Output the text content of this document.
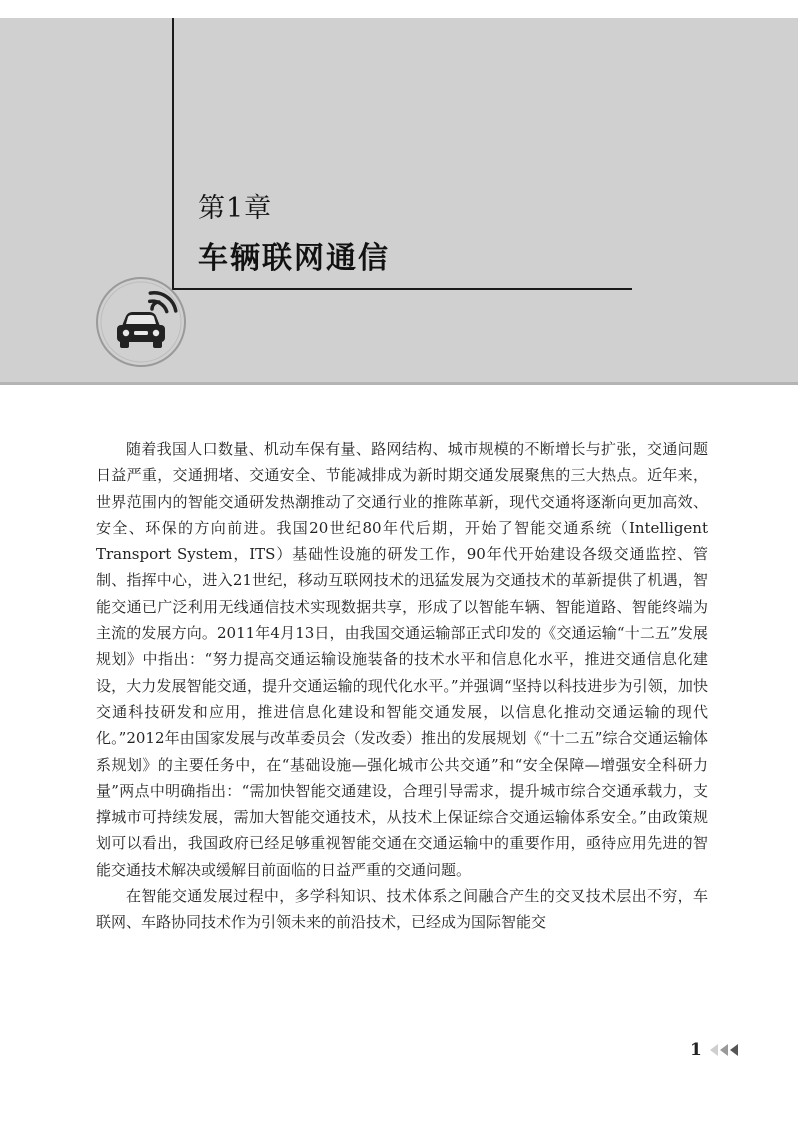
第1章
车辆联网通信

随着我国人口数量、机动车保有量、路网结构、城市规模的不断增长与扩张，交通问题日益严重，交通拥堵、交通安全、节能减排成为新时期交通发展聚焦的三大热点。近年来，世界范围内的智能交通研发热潮推动了交通行业的推陈革新，现代交通将逐渐向更加高效、安全、环保的方向前进。我国20世纪80年代后期，开始了智能交通系统（Intelligent Transport System，ITS）基础性设施的研发工作，90年代开始建设各级交通监控、管制、指挥中心，进入21世纪，移动互联网技术的迅猛发展为交通技术的革新提供了机遇，智能交通已广泛利用无线通信技术实现数据共享，形成了以智能车辆、智能道路、智能终端为主流的发展方向。2011年4月13日，由我国交通运输部正式印发的《交通运输“十二五”发展规划》中指出：“努力提高交通运输设施装备的技术水平和信息化水平，推进交通信息化建设，大力发展智能交通，提升交通运输的现代化水平。”并强调“坚持以科技进步为引领，加快交通科技研发和应用，推进信息化建设和智能交通发展，以信息化推动交通运输的现代化。”2012年由国家发展与改革委员会（发改委）推出的发展规划《“十二五”综合交通运输体系规划》的主要任务中，在“基础设施—强化城市公共交通”和“安全保障—增强安全科研力量”两点中明确指出：“需加快智能交通建设，合理引导需求，提升城市综合交通承载力，支撑城市可持续发展，需加大智能交通技术，从技术上保证综合交通运输体系安全。”由政策规划可以看出，我国政府已经足够重视智能交通在交通运输中的重要作用，亟待应用先进的智能交通技术解决或缓解目前面临的日益严重的交通问题。

在智能交通发展过程中，多学科知识、技术体系之间融合产生的交叉技术层出不穷，车联网、车路协同技术作为引领未来的前沿技术，已经成为国际智能交

1
